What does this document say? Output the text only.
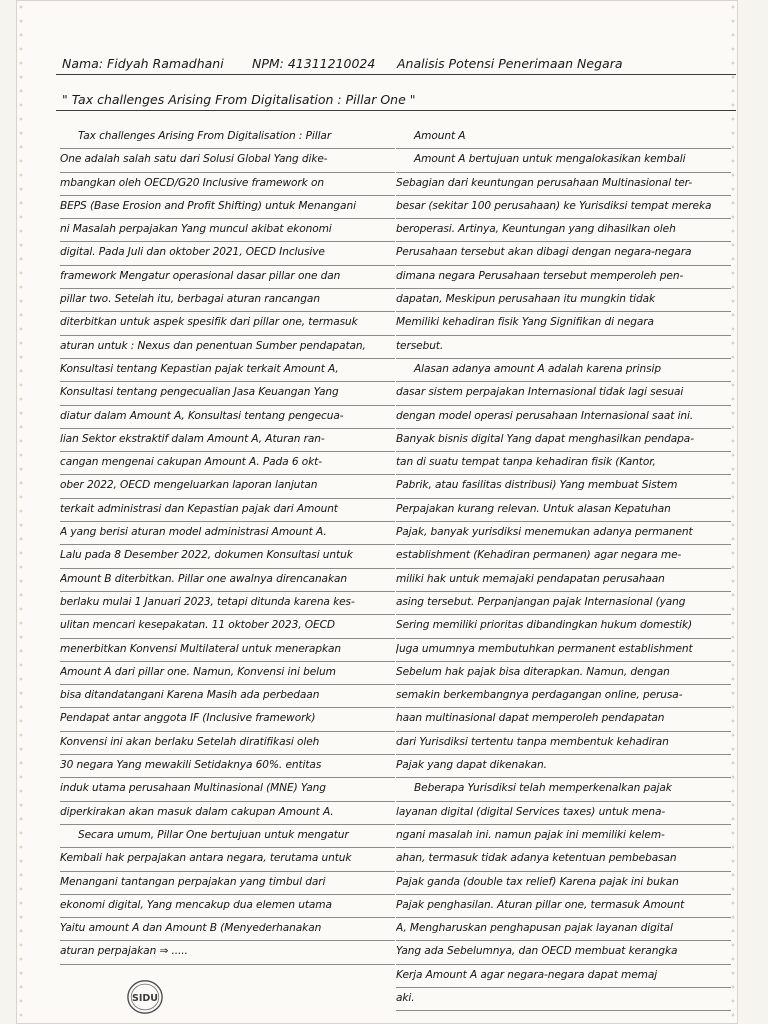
Nama: Fidyah Ramadhani NPM: 41311210024 Analisis Potensi Penerimaan Negara
" Tax challenges Arising From Digitalisation : Pillar One "
Tax challenges Arising From Digitalisation : Pillar
One adalah salah satu dari Solusi Global Yang dike-
mbangkan oleh OECD/G20 Inclusive framework on
BEPS (Base Erosion and Profit Shifting) untuk Menangani
ni Masalah perpajakan Yang muncul akibat ekonomi
digital. Pada Juli dan oktober 2021, OECD Inclusive
framework Mengatur operasional dasar pillar one dan
pillar two. Setelah itu, berbagai aturan rancangan
diterbitkan untuk aspek spesifik dari pillar one, termasuk
aturan untuk : Nexus dan penentuan Sumber pendapatan,
Konsultasi tentang Kepastian pajak terkait Amount A,
Konsultasi tentang pengecualian Jasa Keuangan Yang
diatur dalam Amount A, Konsultasi tentang pengecua-
lian Sektor ekstraktif dalam Amount A, Aturan ran-
cangan mengenai cakupan Amount A. Pada 6 okt-
ober 2022, OECD mengeluarkan laporan lanjutan
terkait administrasi dan Kepastian pajak dari Amount
A yang berisi aturan model administrasi Amount A.
Lalu pada 8 Desember 2022, dokumen Konsultasi untuk
Amount B diterbitkan. Pillar one awalnya direncanakan
berlaku mulai 1 Januari 2023, tetapi ditunda karena kes-
ulitan mencari kesepakatan. 11 oktober 2023, OECD
menerbitkan Konvensi Multilateral untuk menerapkan
Amount A dari pillar one. Namun, Konvensi ini belum
bisa ditandatangani Karena Masih ada perbedaan
Pendapat antar anggota IF (Inclusive framework)
Konvensi ini akan berlaku Setelah diratifikasi oleh
30 negara Yang mewakili Setidaknya 60%. entitas
induk utama perusahaan Multinasional (MNE) Yang
diperkirakan akan masuk dalam cakupan Amount A.
Secara umum, Pillar One bertujuan untuk mengatur
Kembali hak perpajakan antara negara, terutama untuk
Menangani tantangan perpajakan yang timbul dari
ekonomi digital, Yang mencakup dua elemen utama
Yaitu amount A dan Amount B (Menyederhanakan
aturan perpajakan ⇒ .....
Amount A
Amount A bertujuan untuk mengalokasikan kembali
Sebagian dari keuntungan perusahaan Multinasional ter-
besar (sekitar 100 perusahaan) ke Yurisdiksi tempat mereka
beroperasi. Artinya, Keuntungan yang dihasilkan oleh
Perusahaan tersebut akan dibagi dengan negara-negara
dimana negara Perusahaan tersebut memperoleh pen-
dapatan, Meskipun perusahaan itu mungkin tidak
Memiliki kehadiran fisik Yang Signifikan di negara
tersebut.
Alasan adanya amount A adalah karena prinsip
dasar sistem perpajakan Internasional tidak lagi sesuai
dengan model operasi perusahaan Internasional saat ini.
Banyak bisnis digital Yang dapat menghasilkan pendapa-
tan di suatu tempat tanpa kehadiran fisik (Kantor,
Pabrik, atau fasilitas distribusi) Yang membuat Sistem
Perpajakan kurang relevan. Untuk alasan Kepatuhan
Pajak, banyak yurisdiksi menemukan adanya permanent
establishment (Kehadiran permanen) agar negara me-
miliki hak untuk memajaki pendapatan perusahaan
asing tersebut. Perpanjangan pajak Internasional (yang
Sering memiliki prioritas dibandingkan hukum domestik)
Juga umumnya membutuhkan permanent establishment
Sebelum hak pajak bisa diterapkan. Namun, dengan
semakin berkembangnya perdagangan online, perusa-
haan multinasional dapat memperoleh pendapatan
dari Yurisdiksi tertentu tanpa membentuk kehadiran
Pajak yang dapat dikenakan.
Beberapa Yurisdiksi telah memperkenalkan pajak
layanan digital (digital Services taxes) untuk mena-
ngani masalah ini. namun pajak ini memiliki kelem-
ahan, termasuk tidak adanya ketentuan pembebasan
Pajak ganda (double tax relief) Karena pajak ini bukan
Pajak penghasilan. Aturan pillar one, termasuk Amount
A, Mengharuskan penghapusan pajak layanan digital
Yang ada Sebelumnya, dan OECD membuat kerangka
Kerja Amount A agar negara-negara dapat memaj
aki.
SIDU
